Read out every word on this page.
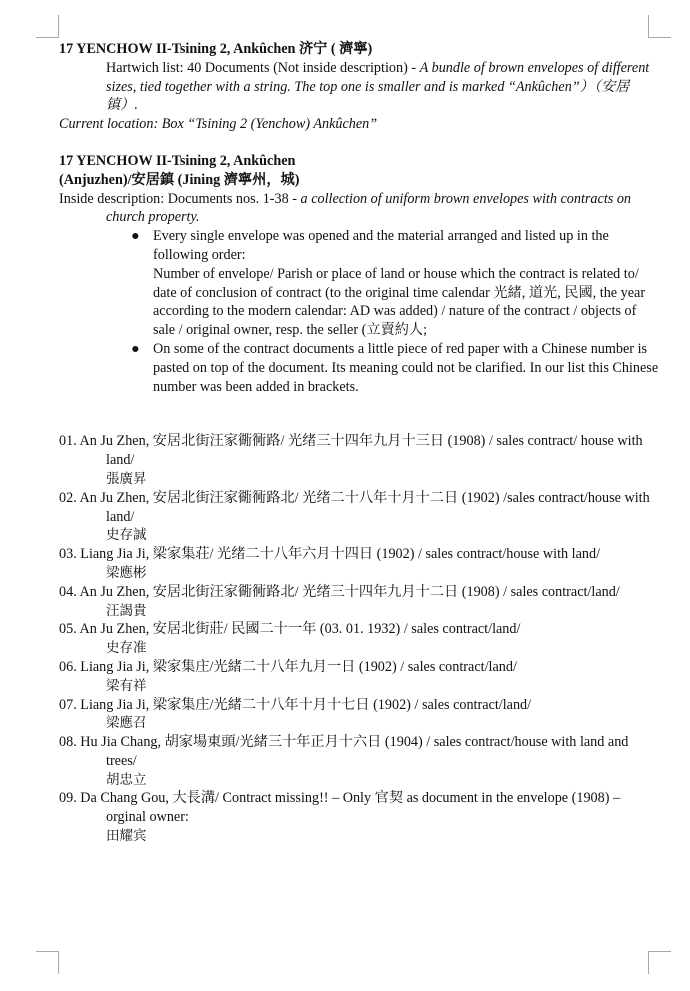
17 YENCHOW II-Tsining 2, Ankûchen 济宁 ( 濟寧)
Hartwich list: 40 Documents (Not inside description) - A bundle of brown envelopes of different sizes, tied together with a string. The top one is smaller and is marked “Ankûchen”）（安居镇）.
Current location: Box “Tsining 2 (Yenchow) Ankûchen”
17 YENCHOW II-Tsining 2, Ankûchen
(Anjuzhen)/安居鎮 (Jining 濟寧州，城)
Inside description: Documents nos. 1-38 - a collection of uniform brown envelopes with contracts on church property.
● Every single envelope was opened and the material arranged and listed up in the following order:
Number of envelope/ Parish or place of land or house which the contract is related to/ date of conclusion of contract (to the original time calendar 光緒, 道光, 民國, the year according to the modern calendar: AD was added) / nature of the contract / objects of sale / original owner, resp. the seller (立賣約人;
● On some of the contract documents a little piece of red paper with a Chinese number is pasted on top of the document. Its meaning could not be clarified. In our list this Chinese number was been added in brackets.
01. An Ju Zhen, 安居北街汪家衚衕路/ 光绪三十四年九月十三日 (1908) / sales contract/ house with land/
張廣昇
02. An Ju Zhen, 安居北街汪家衚衕路北/ 光绪二十八年十月十二日 (1902) /sales contract/house with land/
史存誠
03. Liang Jia Ji, 梁家集荘/ 光绪二十八年六月十四日 (1902) / sales contract/house with land/
梁應彬
04. An Ju Zhen, 安居北街汪家衚衕路北/ 光绪三十四年九月十二日 (1908) / sales contract/land/
汪謁貴
05. An Ju Zhen, 安居北街莊/ 民國二十一年 (03. 01. 1932) / sales contract/land/
史存准
06. Liang Jia Ji, 梁家集庄/光緒二十八年九月一日 (1902) / sales contract/land/
梁有祥
07. Liang Jia Ji, 梁家集庄/光緒二十八年十月十七日 (1902) / sales contract/land/
梁應召
08. Hu Jia Chang, 胡家場東頭/光緒三十年正月十六日 (1904) / sales contract/house with land and trees/
胡忠立
09. Da Chang Gou, 大長溝/ Contract missing!! – Only 官契 as document in the envelope (1908) – orginal owner:
田耀宾
